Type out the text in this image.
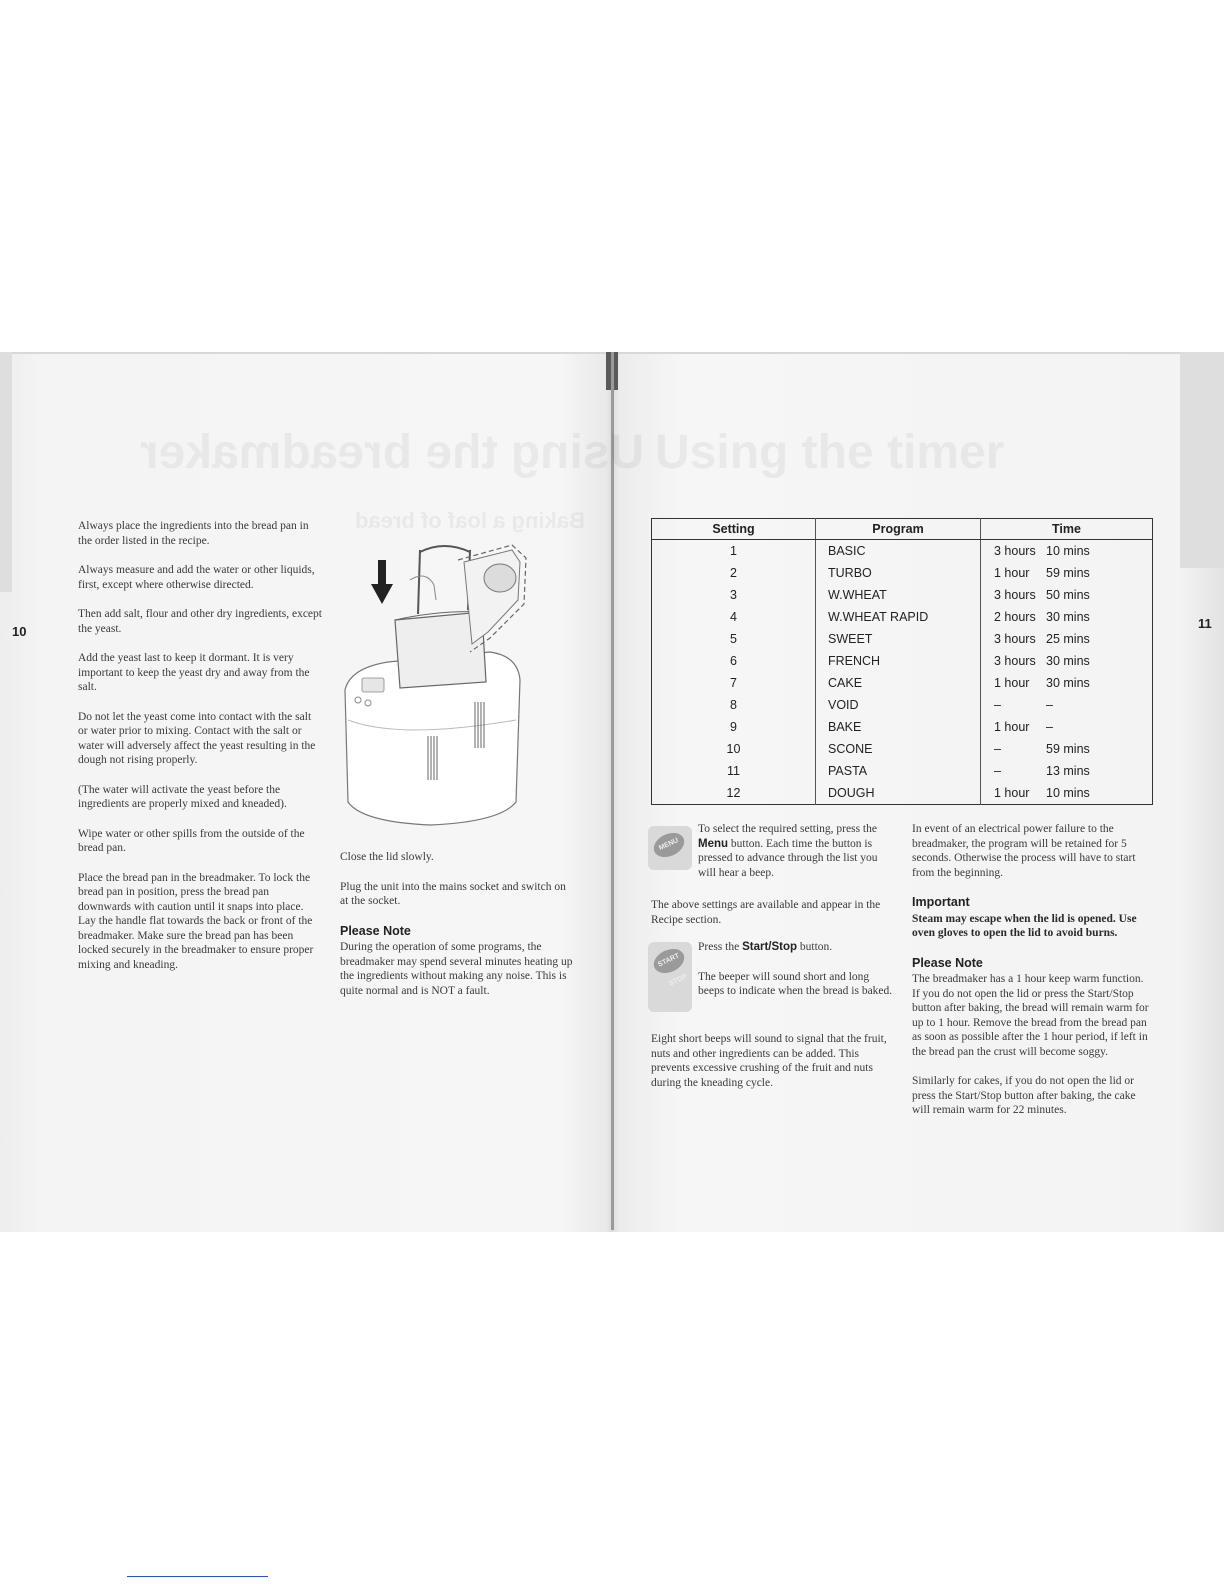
Using the breadmaker
Baking a loaf of bread
Using the timer
10
11

Always place the ingredients into the bread pan in the order listed in the recipe.

Always measure and add the water or other liquids, first, except where otherwise directed.

Then add salt, flour and other dry ingredients, except the yeast.

Add the yeast last to keep it dormant. It is very important to keep the yeast dry and away from the salt.

Do not let the yeast come into contact with the salt or water prior to mixing. Contact with the salt or water will adversely affect the yeast resulting in the dough not rising properly.

(The water will activate the yeast before the ingredients are properly mixed and kneaded).

Wipe water or other spills from the outside of the bread pan.

Place the bread pan in the breadmaker. To lock the bread pan in position, press the bread pan downwards with caution until it snaps into place. Lay the handle flat towards the back or front of the breadmaker. Make sure the bread pan has been locked securely in the breadmaker to ensure proper mixing and kneading.

Close the lid slowly.

Plug the unit into the mains socket and switch on at the socket.

Please Note

During the operation of some programs, the breadmaker may spend several minutes heating up the ingredients without making any noise. This is quite normal and is NOT a fault.

Setting	Program	Time
1	BASIC	3 hours 10 mins
2	TURBO	1 hour 59 mins
3	W.WHEAT	3 hours 50 mins
4	W.WHEAT RAPID	2 hours 30 mins
5	SWEET	3 hours 25 mins
6	FRENCH	3 hours 30 mins
7	CAKE	1 hour 30 mins
8	VOID	– –
9	BAKE	1 hour –
10	SCONE	– 59 mins
11	PASTA	– 13 mins
12	DOUGH	1 hour 10 mins
MENU

To select the required setting, press the Menu button. Each time the button is pressed to advance through the list you will hear a beep.

The above settings are available and appear in the Recipe section.

START STOP

Press the Start/Stop button.

The beeper will sound short and long beeps to indicate when the bread is baked.

Eight short beeps will sound to signal that the fruit, nuts and other ingredients can be added. This prevents excessive crushing of the fruit and nuts during the kneading cycle.

In event of an electrical power failure to the breadmaker, the program will be retained for 5 seconds. Otherwise the process will have to start from the beginning.

Important

Steam may escape when the lid is opened. Use oven gloves to open the lid to avoid burns.

Please Note

The breadmaker has a 1 hour keep warm function. If you do not open the lid or press the Start/Stop button after baking, the bread will remain warm for up to 1 hour. Remove the bread from the bread pan as soon as possible after the 1 hour period, if left in the bread pan the crust will become soggy.

Similarly for cakes, if you do not open the lid or press the Start/Stop button after baking, the cake will remain warm for 22 minutes.
